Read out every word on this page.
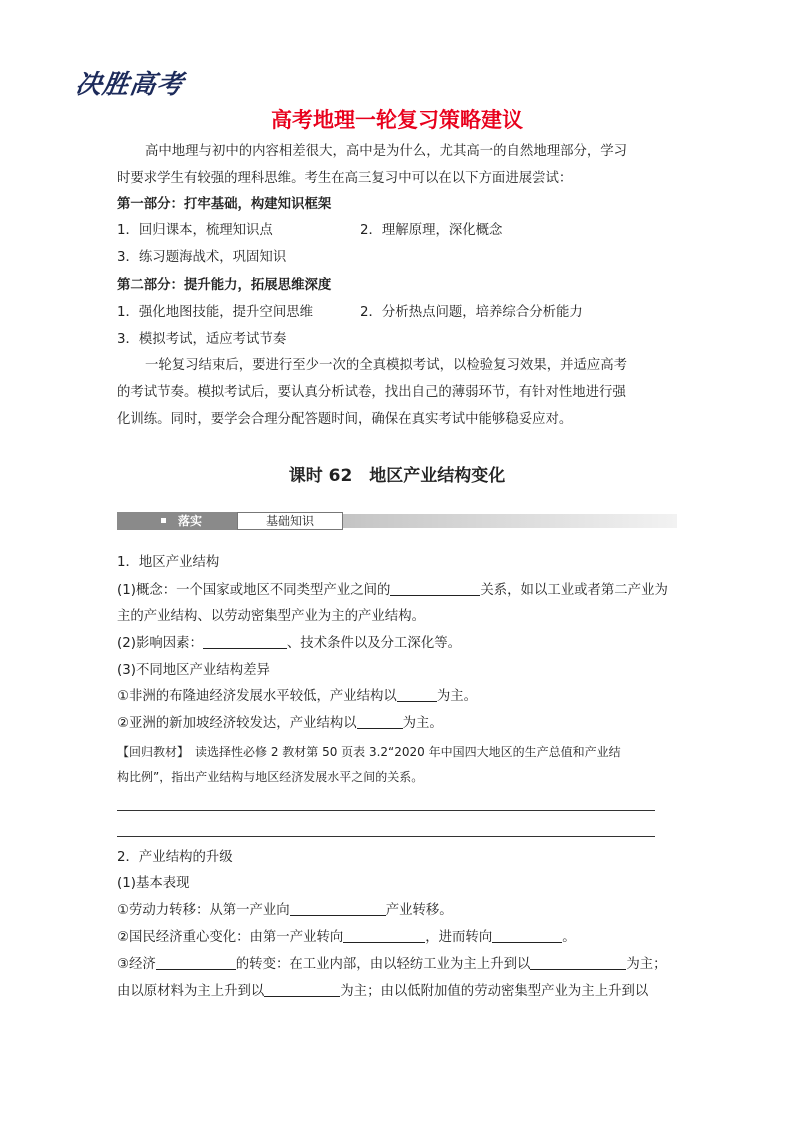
决胜高考
高考地理一轮复习策略建议
高中地理与初中的内容相差很大，高中是为什么，尤其高一的自然地理部分，学习
时要求学生有较强的理科思维。考生在高三复习中可以在以下方面进展尝试：
第一部分：打牢基础，构建知识框架
1．回归课本，梳理知识点	2．理解原理，深化概念
3．练习题海战术，巩固知识
第二部分：提升能力，拓展思维深度
1．强化地图技能，提升空间思维	2．分析热点问题，培养综合分析能力
3．模拟考试，适应考试节奏
一轮复习结束后，要进行至少一次的全真模拟考试，以检验复习效果，并适应高考
的考试节奏。模拟考试后，要认真分析试卷，找出自己的薄弱环节，有针对性地进行强
化训练。同时，要学会合理分配答题时间，确保在真实考试中能够稳妥应对。
课时 62　地区产业结构变化
落实	基础知识
1．地区产业结构
(1)概念：一个国家或地区不同类型产业之间的	关系，如以工业或者第二产业为
主的产业结构、以劳动密集型产业为主的产业结构。
(2)影响因素：	、技术条件以及分工深化等。
(3)不同地区产业结构差异
①非洲的布隆迪经济发展水平较低，产业结构以	为主。
②亚洲的新加坡经济较发达，产业结构以	为主。
【回归教材】　读选择性必修 2 教材第 50 页表 3.2“2020 年中国四大地区的生产总值和产业结
构比例”，指出产业结构与地区经济发展水平之间的关系。
2．产业结构的升级
(1)基本表现
①劳动力转移：从第一产业向	产业转移。
②国民经济重心变化：由第一产业转向	，进而转向	。
③经济	的转变：在工业内部，由以轻纺工业为主上升到以	为主；
由以原材料为主上升到以	为主；由以低附加值的劳动密集型产业为主上升到以
